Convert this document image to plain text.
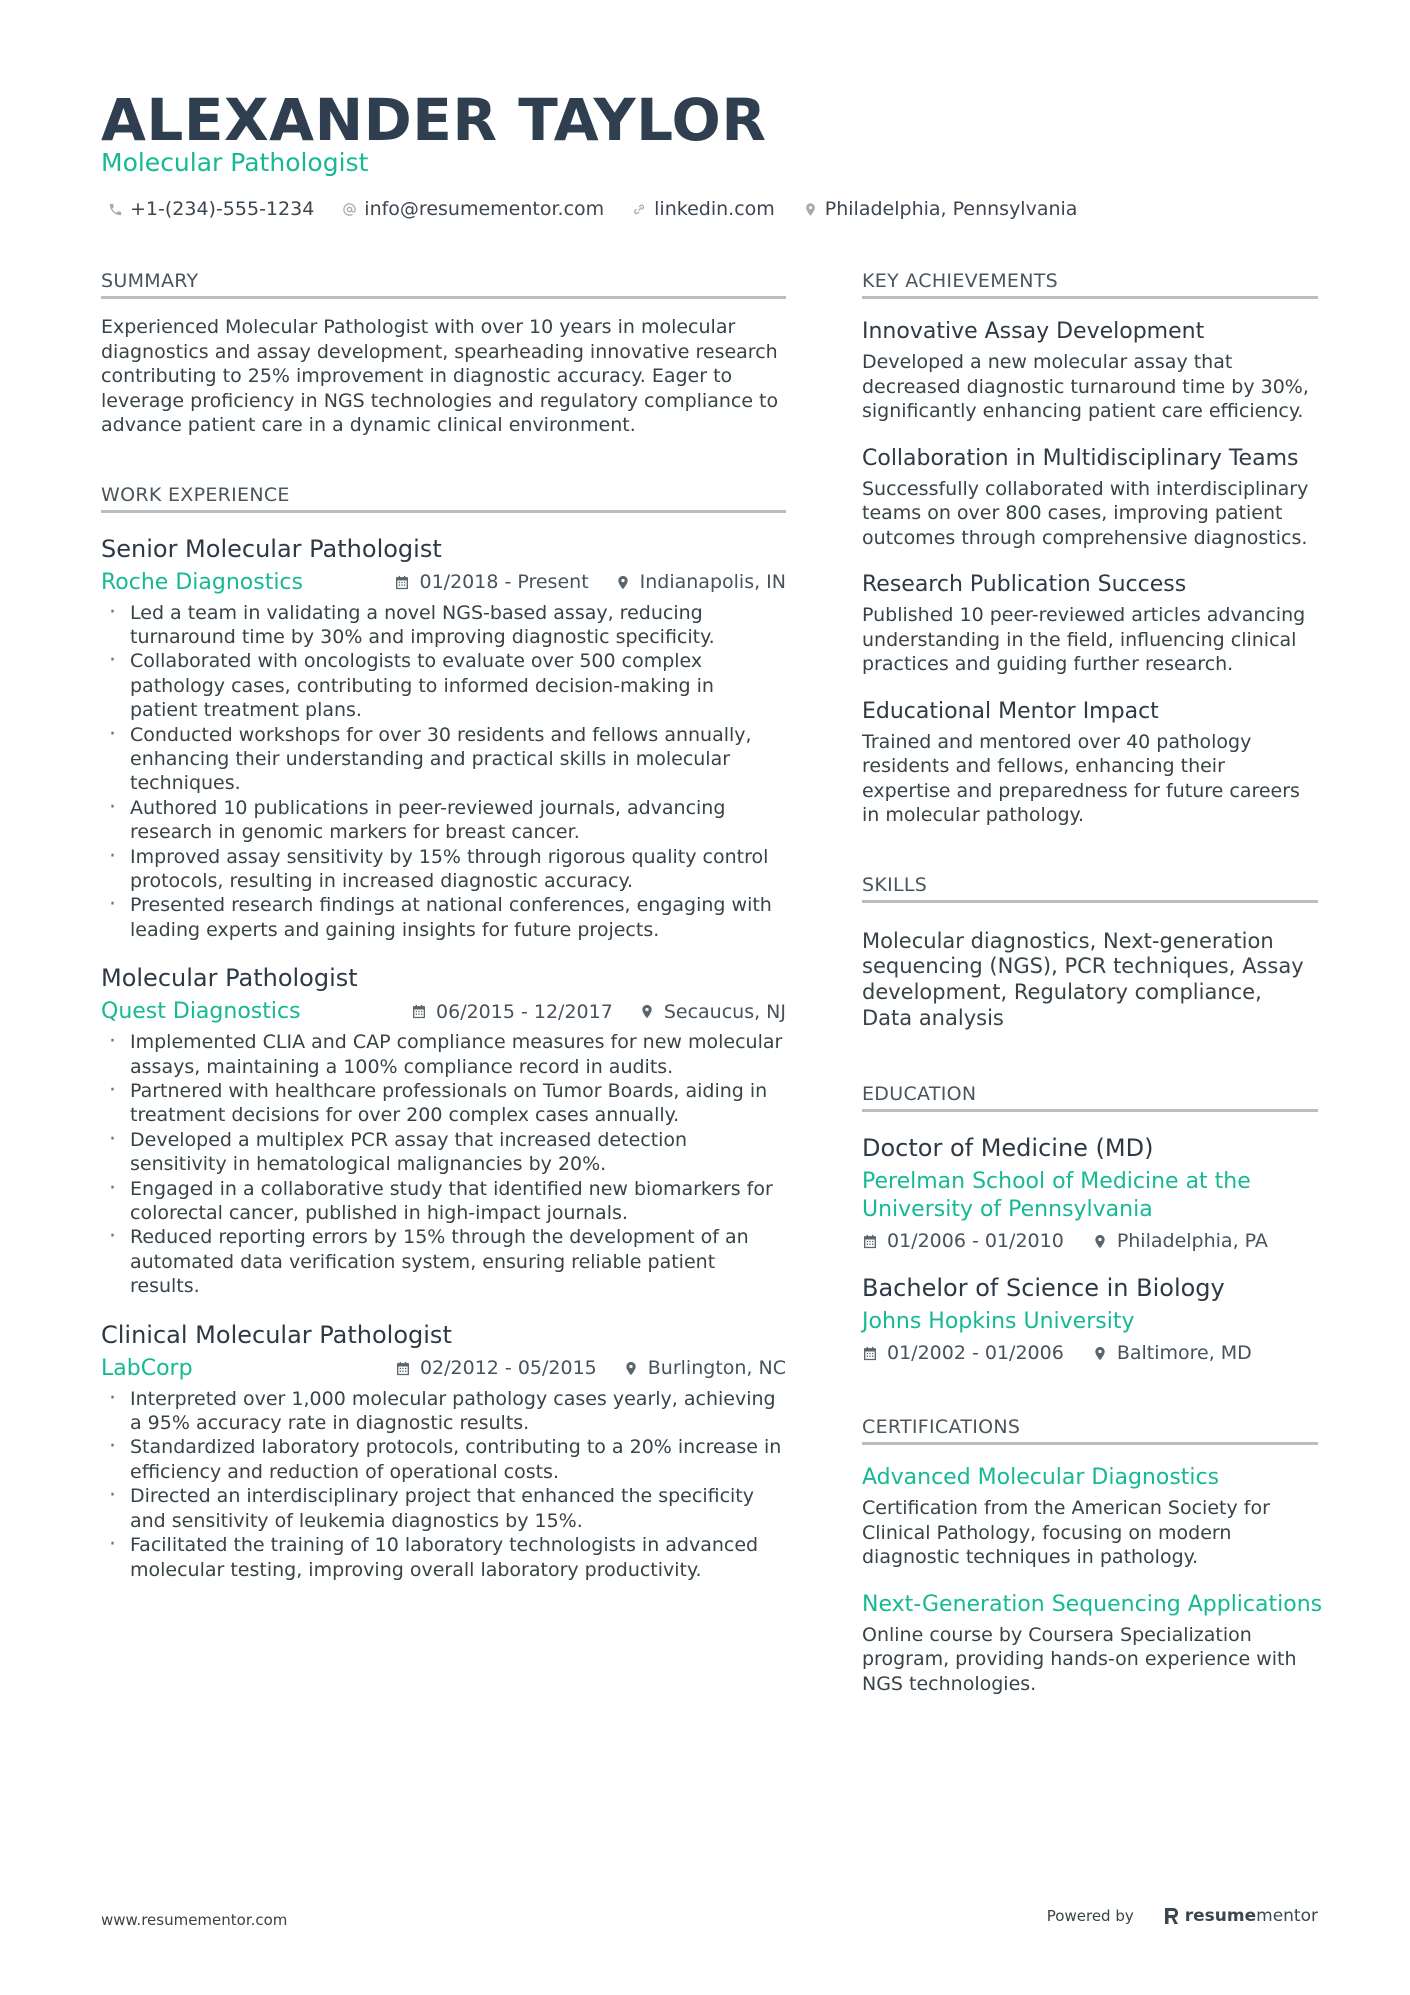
ALEXANDER TAYLOR
Molecular Pathologist
+1-(234)-555-1234	info@resumementor.com	linkedin.com	Philadelphia, Pennsylvania
SUMMARY
Experienced Molecular Pathologist with over 10 years in molecular diagnostics and assay development, spearheading innovative research contributing to 25% improvement in diagnostic accuracy. Eager to leverage proficiency in NGS technologies and regulatory compliance to advance patient care in a dynamic clinical environment.
WORK EXPERIENCE
Senior Molecular Pathologist
Roche Diagnostics	01/2018 - Present	Indianapolis, IN
· Led a team in validating a novel NGS-based assay, reducing turnaround time by 30% and improving diagnostic specificity.
· Collaborated with oncologists to evaluate over 500 complex pathology cases, contributing to informed decision-making in patient treatment plans.
· Conducted workshops for over 30 residents and fellows annually, enhancing their understanding and practical skills in molecular techniques.
· Authored 10 publications in peer-reviewed journals, advancing research in genomic markers for breast cancer.
· Improved assay sensitivity by 15% through rigorous quality control protocols, resulting in increased diagnostic accuracy.
· Presented research findings at national conferences, engaging with leading experts and gaining insights for future projects.
Molecular Pathologist
Quest Diagnostics	06/2015 - 12/2017	Secaucus, NJ
· Implemented CLIA and CAP compliance measures for new molecular assays, maintaining a 100% compliance record in audits.
· Partnered with healthcare professionals on Tumor Boards, aiding in treatment decisions for over 200 complex cases annually.
· Developed a multiplex PCR assay that increased detection sensitivity in hematological malignancies by 20%.
· Engaged in a collaborative study that identified new biomarkers for colorectal cancer, published in high-impact journals.
· Reduced reporting errors by 15% through the development of an automated data verification system, ensuring reliable patient results.
Clinical Molecular Pathologist
LabCorp	02/2012 - 05/2015	Burlington, NC
· Interpreted over 1,000 molecular pathology cases yearly, achieving a 95% accuracy rate in diagnostic results.
· Standardized laboratory protocols, contributing to a 20% increase in efficiency and reduction of operational costs.
· Directed an interdisciplinary project that enhanced the specificity and sensitivity of leukemia diagnostics by 15%.
· Facilitated the training of 10 laboratory technologists in advanced molecular testing, improving overall laboratory productivity.
KEY ACHIEVEMENTS
Innovative Assay Development
Developed a new molecular assay that decreased diagnostic turnaround time by 30%, significantly enhancing patient care efficiency.
Collaboration in Multidisciplinary Teams
Successfully collaborated with interdisciplinary teams on over 800 cases, improving patient outcomes through comprehensive diagnostics.
Research Publication Success
Published 10 peer-reviewed articles advancing understanding in the field, influencing clinical practices and guiding further research.
Educational Mentor Impact
Trained and mentored over 40 pathology residents and fellows, enhancing their expertise and preparedness for future careers in molecular pathology.
SKILLS
Molecular diagnostics, Next-generation sequencing (NGS), PCR techniques, Assay development, Regulatory compliance, Data analysis
EDUCATION
Doctor of Medicine (MD)
Perelman School of Medicine at the University of Pennsylvania
01/2006 - 01/2010	Philadelphia, PA
Bachelor of Science in Biology
Johns Hopkins University
01/2002 - 01/2006	Baltimore, MD
CERTIFICATIONS
Advanced Molecular Diagnostics
Certification from the American Society for Clinical Pathology, focusing on modern diagnostic techniques in pathology.
Next-Generation Sequencing Applications
Online course by Coursera Specialization program, providing hands-on experience with NGS technologies.
www.resumementor.com	Powered by	resume mentor
